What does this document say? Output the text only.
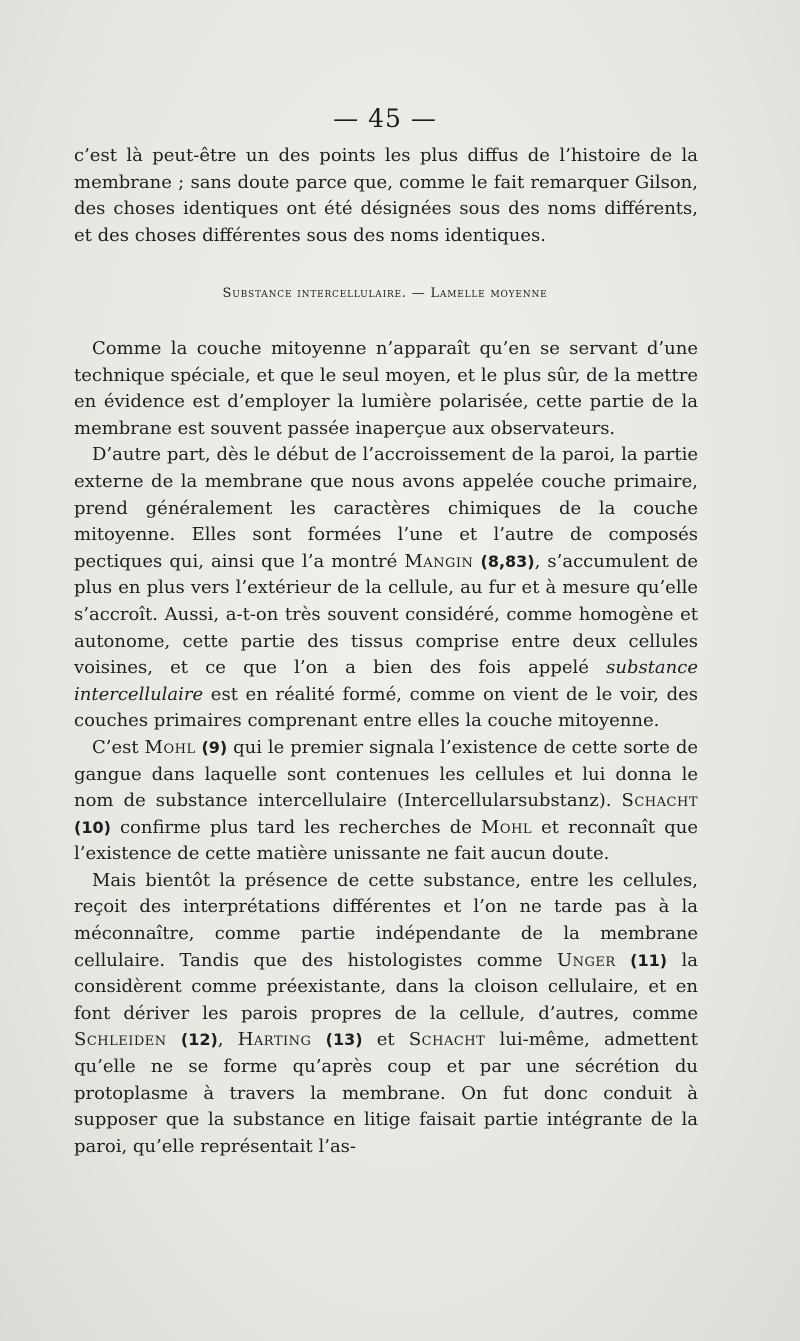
— 45 —

c’est là peut-être un des points les plus diffus de l’histoire de la membrane ; sans doute parce que, comme le fait remarquer Gilson, des choses identiques ont été désignées sous des noms différents, et des choses différentes sous des noms identiques.

Substance intercellulaire. — Lamelle moyenne

Comme la couche mitoyenne n’apparaît qu’en se servant d’une technique spéciale, et que le seul moyen, et le plus sûr, de la mettre en évidence est d’employer la lumière polarisée, cette partie de la membrane est souvent passée inaperçue aux observateurs.

D’autre part, dès le début de l’accroissement de la paroi, la partie externe de la membrane que nous avons appelée couche primaire, prend généralement les caractères chimiques de la couche mitoyenne. Elles sont formées l’une et l’autre de composés pectiques qui, ainsi que l’a montré Mangin (8,83), s’accumulent de plus en plus vers l’extérieur de la cellule, au fur et à mesure qu’elle s’accroît. Aussi, a-t-on très souvent considéré, comme homogène et autonome, cette partie des tissus comprise entre deux cellules voisines, et ce que l’on a bien des fois appelé substance intercellulaire est en réalité formé, comme on vient de le voir, des couches primaires comprenant entre elles la couche mitoyenne.

C’est Mohl (9) qui le premier signala l’existence de cette sorte de gangue dans laquelle sont contenues les cellules et lui donna le nom de substance intercellulaire (Intercellularsubstanz). Schacht (10) confirme plus tard les recherches de Mohl et reconnaît que l’existence de cette matière unissante ne fait aucun doute.

Mais bientôt la présence de cette substance, entre les cellules, reçoit des interprétations différentes et l’on ne tarde pas à la méconnaître, comme partie indépendante de la membrane cellulaire. Tandis que des histologistes comme Unger (11) la considèrent comme préexistante, dans la cloison cellulaire, et en font dériver les parois propres de la cellule, d’autres, comme Schleiden (12), Harting (13) et Schacht lui-même, admettent qu’elle ne se forme qu’après coup et par une sécrétion du protoplasme à travers la membrane. On fut donc conduit à supposer que la substance en litige faisait partie intégrante de la paroi, qu’elle représentait l’as-
